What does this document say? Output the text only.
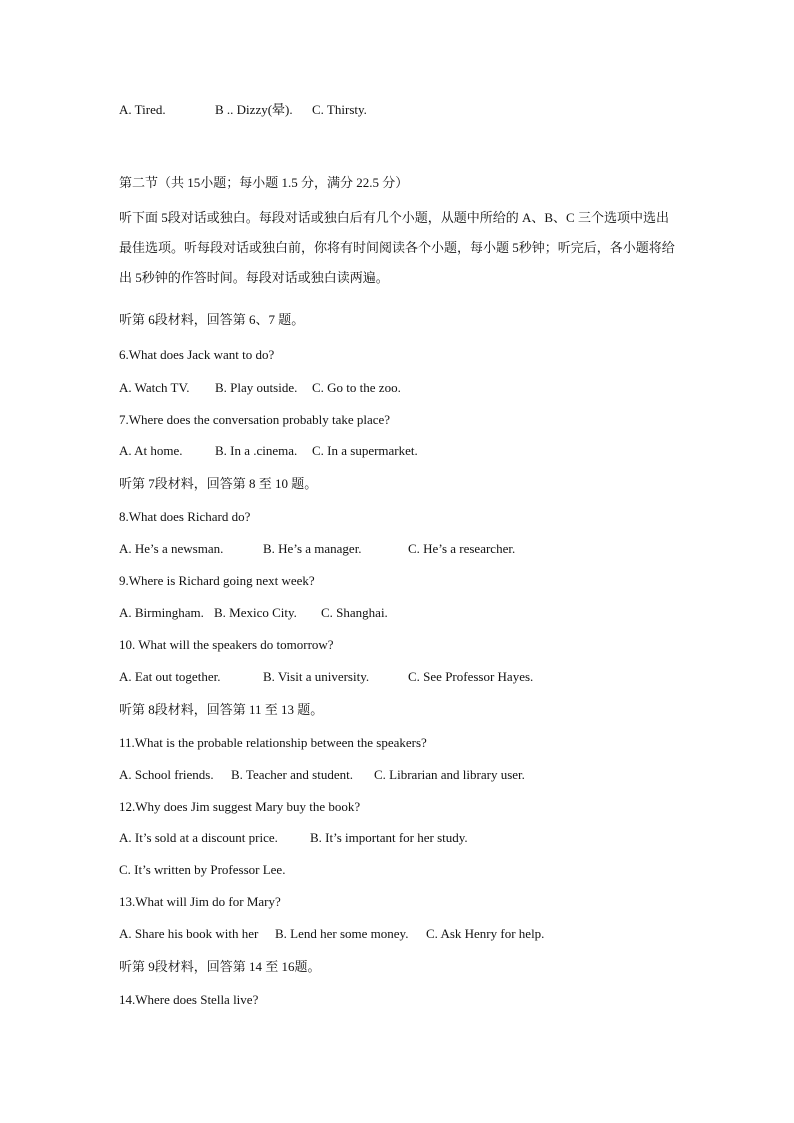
A. Tired.	B .. Dizzy(晕). C. Thirsty.
第二节（共 15小题；每小题 1.5 分，满分 22.5 分）
听下面 5段对话或独白。每段对话或独白后有几个小题，从题中所给的 A、B、C 三个选项中选出最佳选项。听每段对话或独白前，你将有时间阅读各个小题，每小题 5秒钟；听完后，各小题将给出 5秒钟的作答时间。每段对话或独白读两遍。
听第 6段材料，回答第 6、7 题。
6.What does Jack want to do?
A. Watch TV. B. Play outside. C. Go to the zoo.
7.Where does the conversation probably take place?
A. At home. B. In a .cinema. C. In a supermarket.
听第 7段材料，回答第 8 至 10 题。
8.What does Richard do?
A. He’s a newsman.	B. He’s a manager.	C. He’s a researcher.
9.Where is Richard going next week?
A. Birmingham. B. Mexico City. C. Shanghai.
10. What will the speakers do tomorrow?
A. Eat out together.	B. Visit a university.	C. See Professor Hayes.
听第 8段材料，回答第 11 至 13 题。
11.What is the probable relationship between the speakers?
A. School friends. B. Teacher and student. C. Librarian and library user.
12.Why does Jim suggest Mary buy the book?
A. It’s sold at a discount price. B. It’s important for her study.
C. It’s written by Professor Lee.
13.What will Jim do for Mary?
A. Share his book with her B. Lend her some money. C. Ask Henry for help.
听第 9段材料，回答第 14 至 16题。
14.Where does Stella live?
